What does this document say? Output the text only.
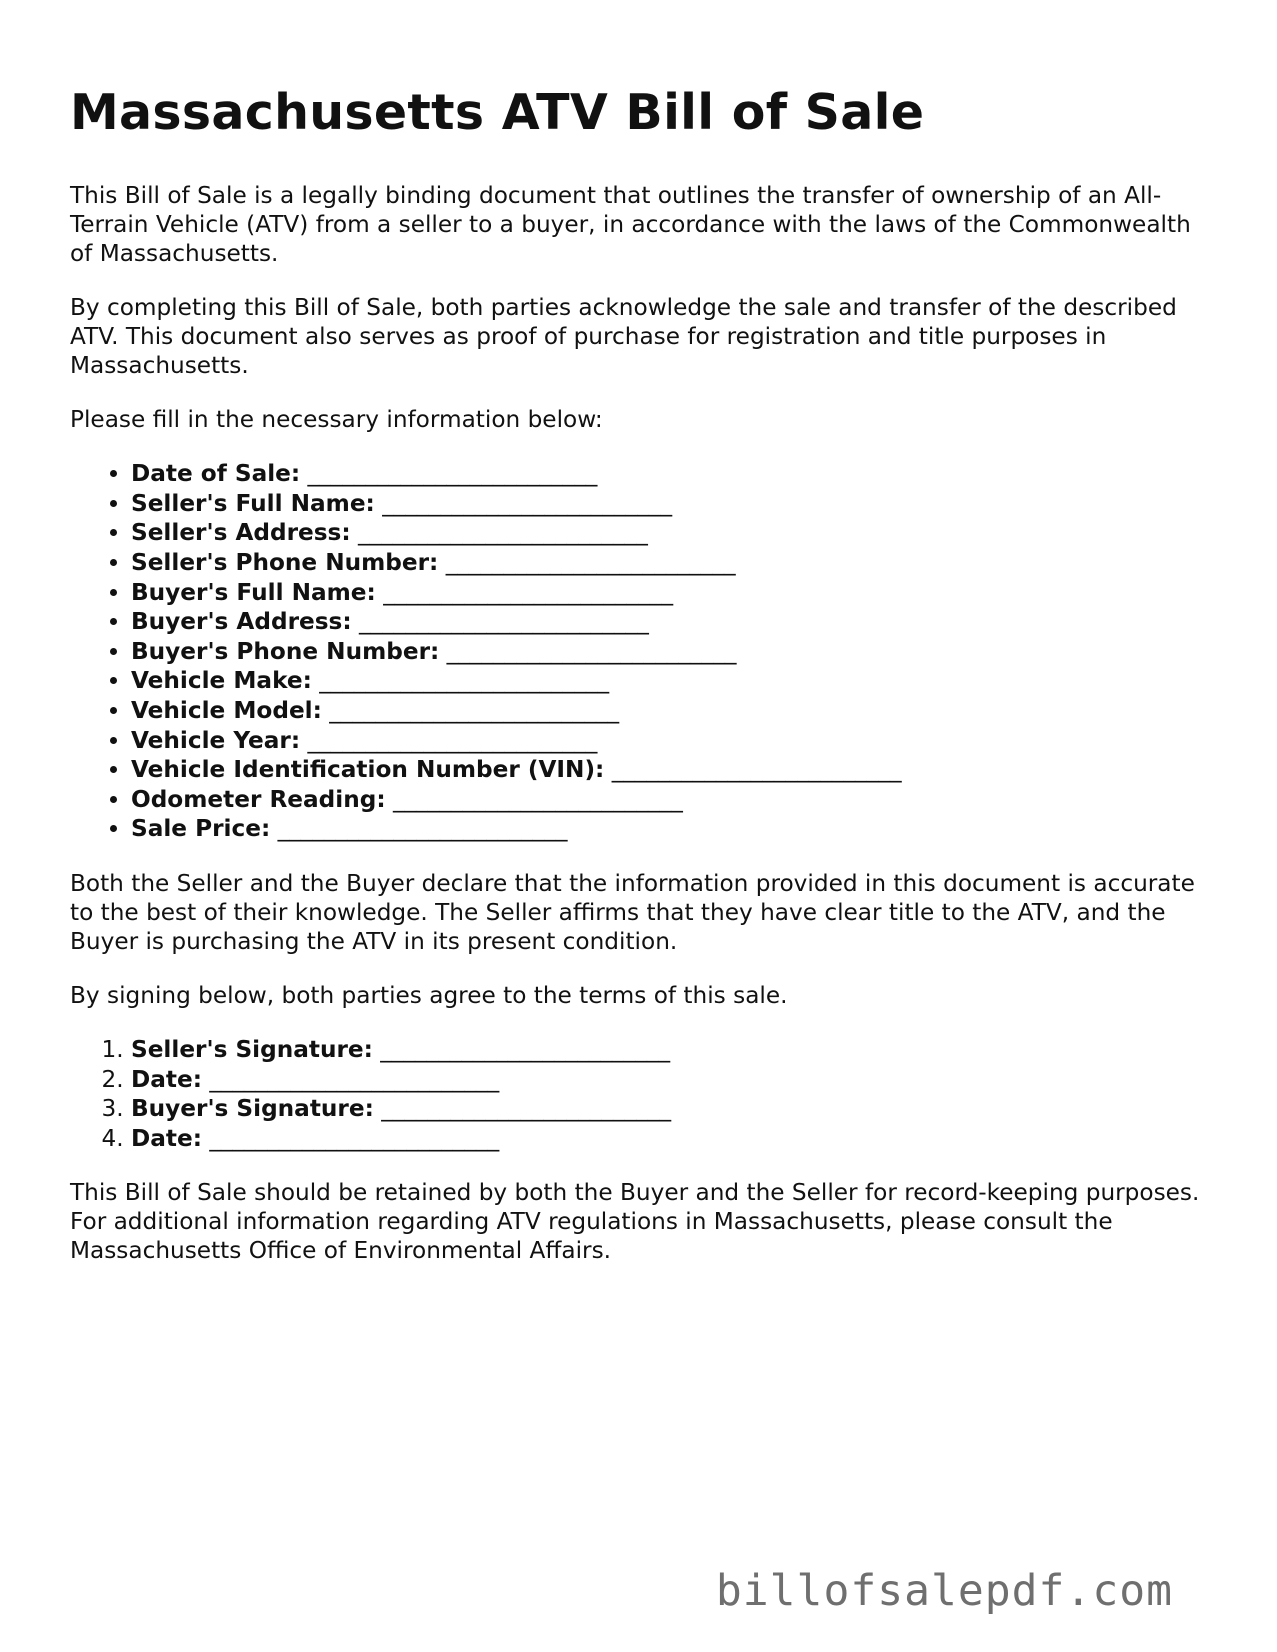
Massachusetts ATV Bill of Sale

This Bill of Sale is a legally binding document that outlines the transfer of ownership of an All-Terrain Vehicle (ATV) from a seller to a buyer, in accordance with the laws of the Commonwealth of Massachusetts.

By completing this Bill of Sale, both parties acknowledge the sale and transfer of the described ATV. This document also serves as proof of purchase for registration and title purposes in Massachusetts.

Please fill in the necessary information below:

• Date of Sale: _________________________
• Seller's Full Name: _________________________
• Seller's Address: _________________________
• Seller's Phone Number: _________________________
• Buyer's Full Name: _________________________
• Buyer's Address: _________________________
• Buyer's Phone Number: _________________________
• Vehicle Make: _________________________
• Vehicle Model: _________________________
• Vehicle Year: _________________________
• Vehicle Identification Number (VIN): _________________________
• Odometer Reading: _________________________
• Sale Price: _________________________

Both the Seller and the Buyer declare that the information provided in this document is accurate to the best of their knowledge. The Seller affirms that they have clear title to the ATV, and the Buyer is purchasing the ATV in its present condition.

By signing below, both parties agree to the terms of this sale.

1. Seller's Signature: _________________________
2. Date: _________________________
3. Buyer's Signature: _________________________
4. Date: _________________________

This Bill of Sale should be retained by both the Buyer and the Seller for record-keeping purposes. For additional information regarding ATV regulations in Massachusetts, please consult the Massachusetts Office of Environmental Affairs.

billofsalepdf.com
